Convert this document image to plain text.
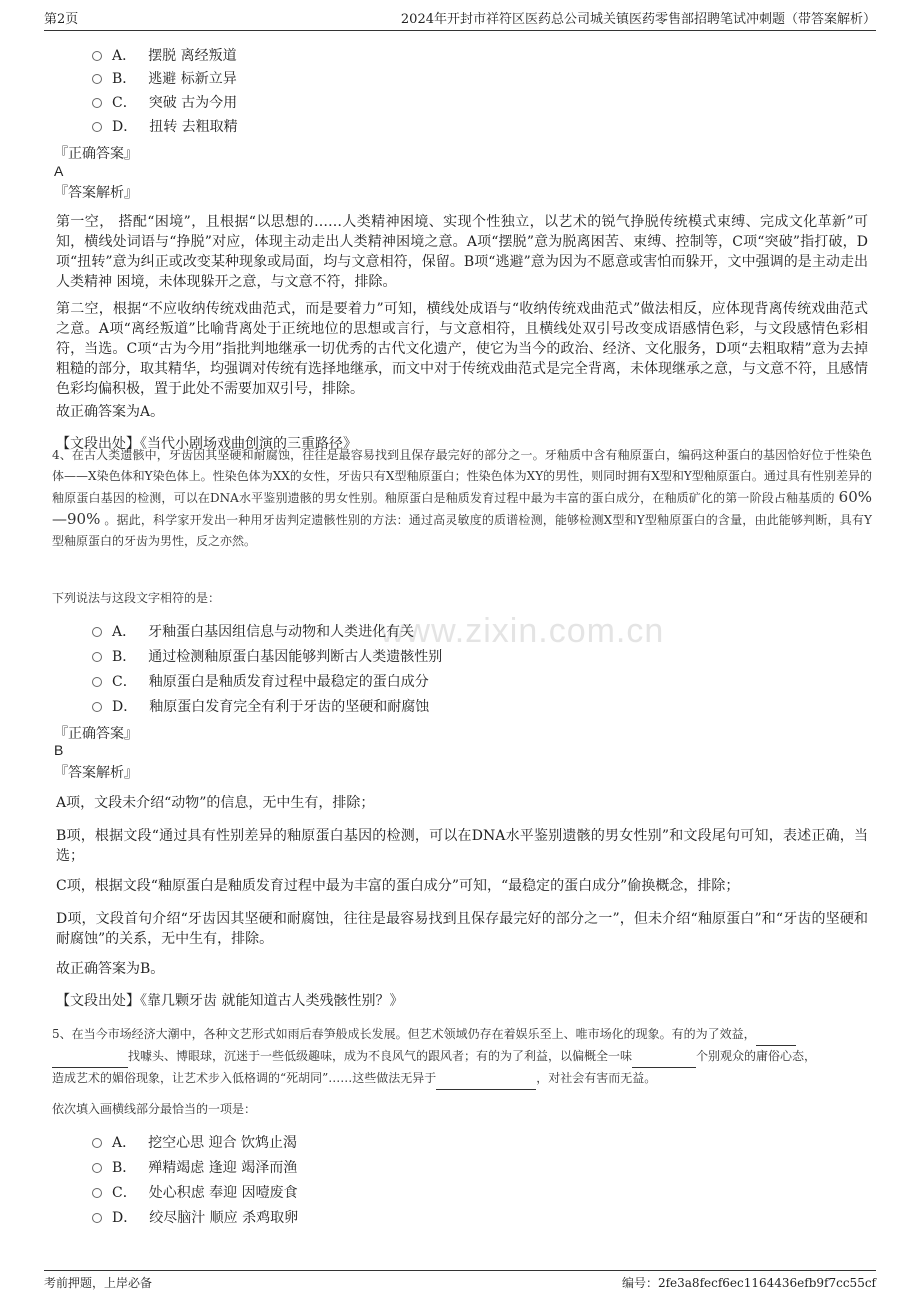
第2页	2024年开封市祥符区医药总公司城关镇医药零售部招聘笔试冲刺题（带答案解析）
www.zixin.com.cn
A． 摆脱 离经叛道
B． 逃避 标新立异
C． 突破 古为今用
D． 扭转 去粗取精
『正确答案』
A
『答案解析』
第一空， 搭配“困境”，且根据“以思想的……人类精神困境、实现个性独立，以艺术的锐气挣脱传统模式束缚、完成文化革新”可知，横线处词语与“挣脱”对应，体现主动走出人类精神困境之意。A项“摆脱”意为脱离困苦、束缚、控制等，C项“突破”指打破，D项“扭转”意为纠正或改变某种现象或局面，均与文意相符，保留。B项“逃避”意为因为不愿意或害怕而躲开，文中强调的是主动走出 人类精神 困境，未体现躲开之意，与文意不符，排除。
第二空，根据“不应收纳传统戏曲范式，而是要着力”可知，横线处成语与“收纳传统戏曲范式”做法相反，应体现背离传统戏曲范式之意。A项“离经叛道”比喻背离处于正统地位的思想或言行，与文意相符，且横线处双引号改变成语感情色彩，与文段感情色彩相符，当选。C项“古为今用”指批判地继承一切优秀的古代文化遗产，使它为当今的政治、经济、文化服务，D项“去粗取精”意为去掉粗糙的部分，取其精华，均强调对传统有选择地继承，而文中对于传统戏曲范式是完全背离，未体现继承之意，与文意不符，且感情色彩均偏积极，置于此处不需要加双引号，排除。
故正确答案为A。
【文段出处】《当代小剧场戏曲创演的三重路径》
4、在古人类遗骸中，牙齿因其坚硬和耐腐蚀，往往是最容易找到且保存最完好的部分之一。牙釉质中含有釉原蛋白，编码这种蛋白的基因恰好位于性染色体——X染色体和Y染色体上。性染色体为XX的女性，牙齿只有X型釉原蛋白；性染色体为XY的男性，则同时拥有X型和Y型釉原蛋白。通过具有性别差异的釉原蛋白基因的检测，可以在DNA水平鉴别遗骸的男女性别。釉原蛋白是釉质发育过程中最为丰富的蛋白成分，在釉质矿化的第一阶段占釉基质的 60%—90% 。据此，科学家开发出一种用牙齿判定遗骸性别的方法：通过高灵敏度的质谱检测，能够检测X型和Y型釉原蛋白的含量，由此能够判断，具有Y型釉原蛋白的牙齿为男性，反之亦然。
下列说法与这段文字相符的是：
A． 牙釉蛋白基因组信息与动物和人类进化有关
B． 通过检测釉原蛋白基因能够判断古人类遗骸性别
C． 釉原蛋白是釉质发育过程中最稳定的蛋白成分
D． 釉原蛋白发育完全有利于牙齿的坚硬和耐腐蚀
『正确答案』
B
『答案解析』
A项，文段未介绍“动物”的信息，无中生有，排除；
B项，根据文段“通过具有性别差异的釉原蛋白基因的检测，可以在DNA水平鉴别遗骸的男女性别”和文段尾句可知，表述正确，当选；
C项，根据文段“釉原蛋白是釉质发育过程中最为丰富的蛋白成分”可知，“最稳定的蛋白成分”偷换概念，排除；
D项，文段首句介绍“牙齿因其坚硬和耐腐蚀，往往是最容易找到且保存最完好的部分之一”，但未介绍“釉原蛋白”和“牙齿的坚硬和耐腐蚀”的关系，无中生有，排除。
故正确答案为B。
【文段出处】《靠几颗牙齿 就能知道古人类残骸性别？》
5、在当今市场经济大潮中，各种文艺形式如雨后春笋般成长发展。但艺术领域仍存在着娱乐至上、唯市场化的现象。有的为了效益，
找噱头、博眼球，沉迷于一些低级趣味，成为不良风气的跟风者；有的为了利益，以偏概全一味	个别观众的庸俗心态，
造成艺术的媚俗现象，让艺术步入低格调的“死胡同”……这些做法无异于	，对社会有害而无益。
依次填入画横线部分最恰当的一项是：
A． 挖空心思 迎合 饮鸩止渴
B． 殚精竭虑 逢迎 竭泽而渔
C． 处心积虑 奉迎 因噎废食
D． 绞尽脑汁 顺应 杀鸡取卵
考前押题，上岸必备	编号：2fe3a8fecf6ec1164436efb9f7cc55cf
